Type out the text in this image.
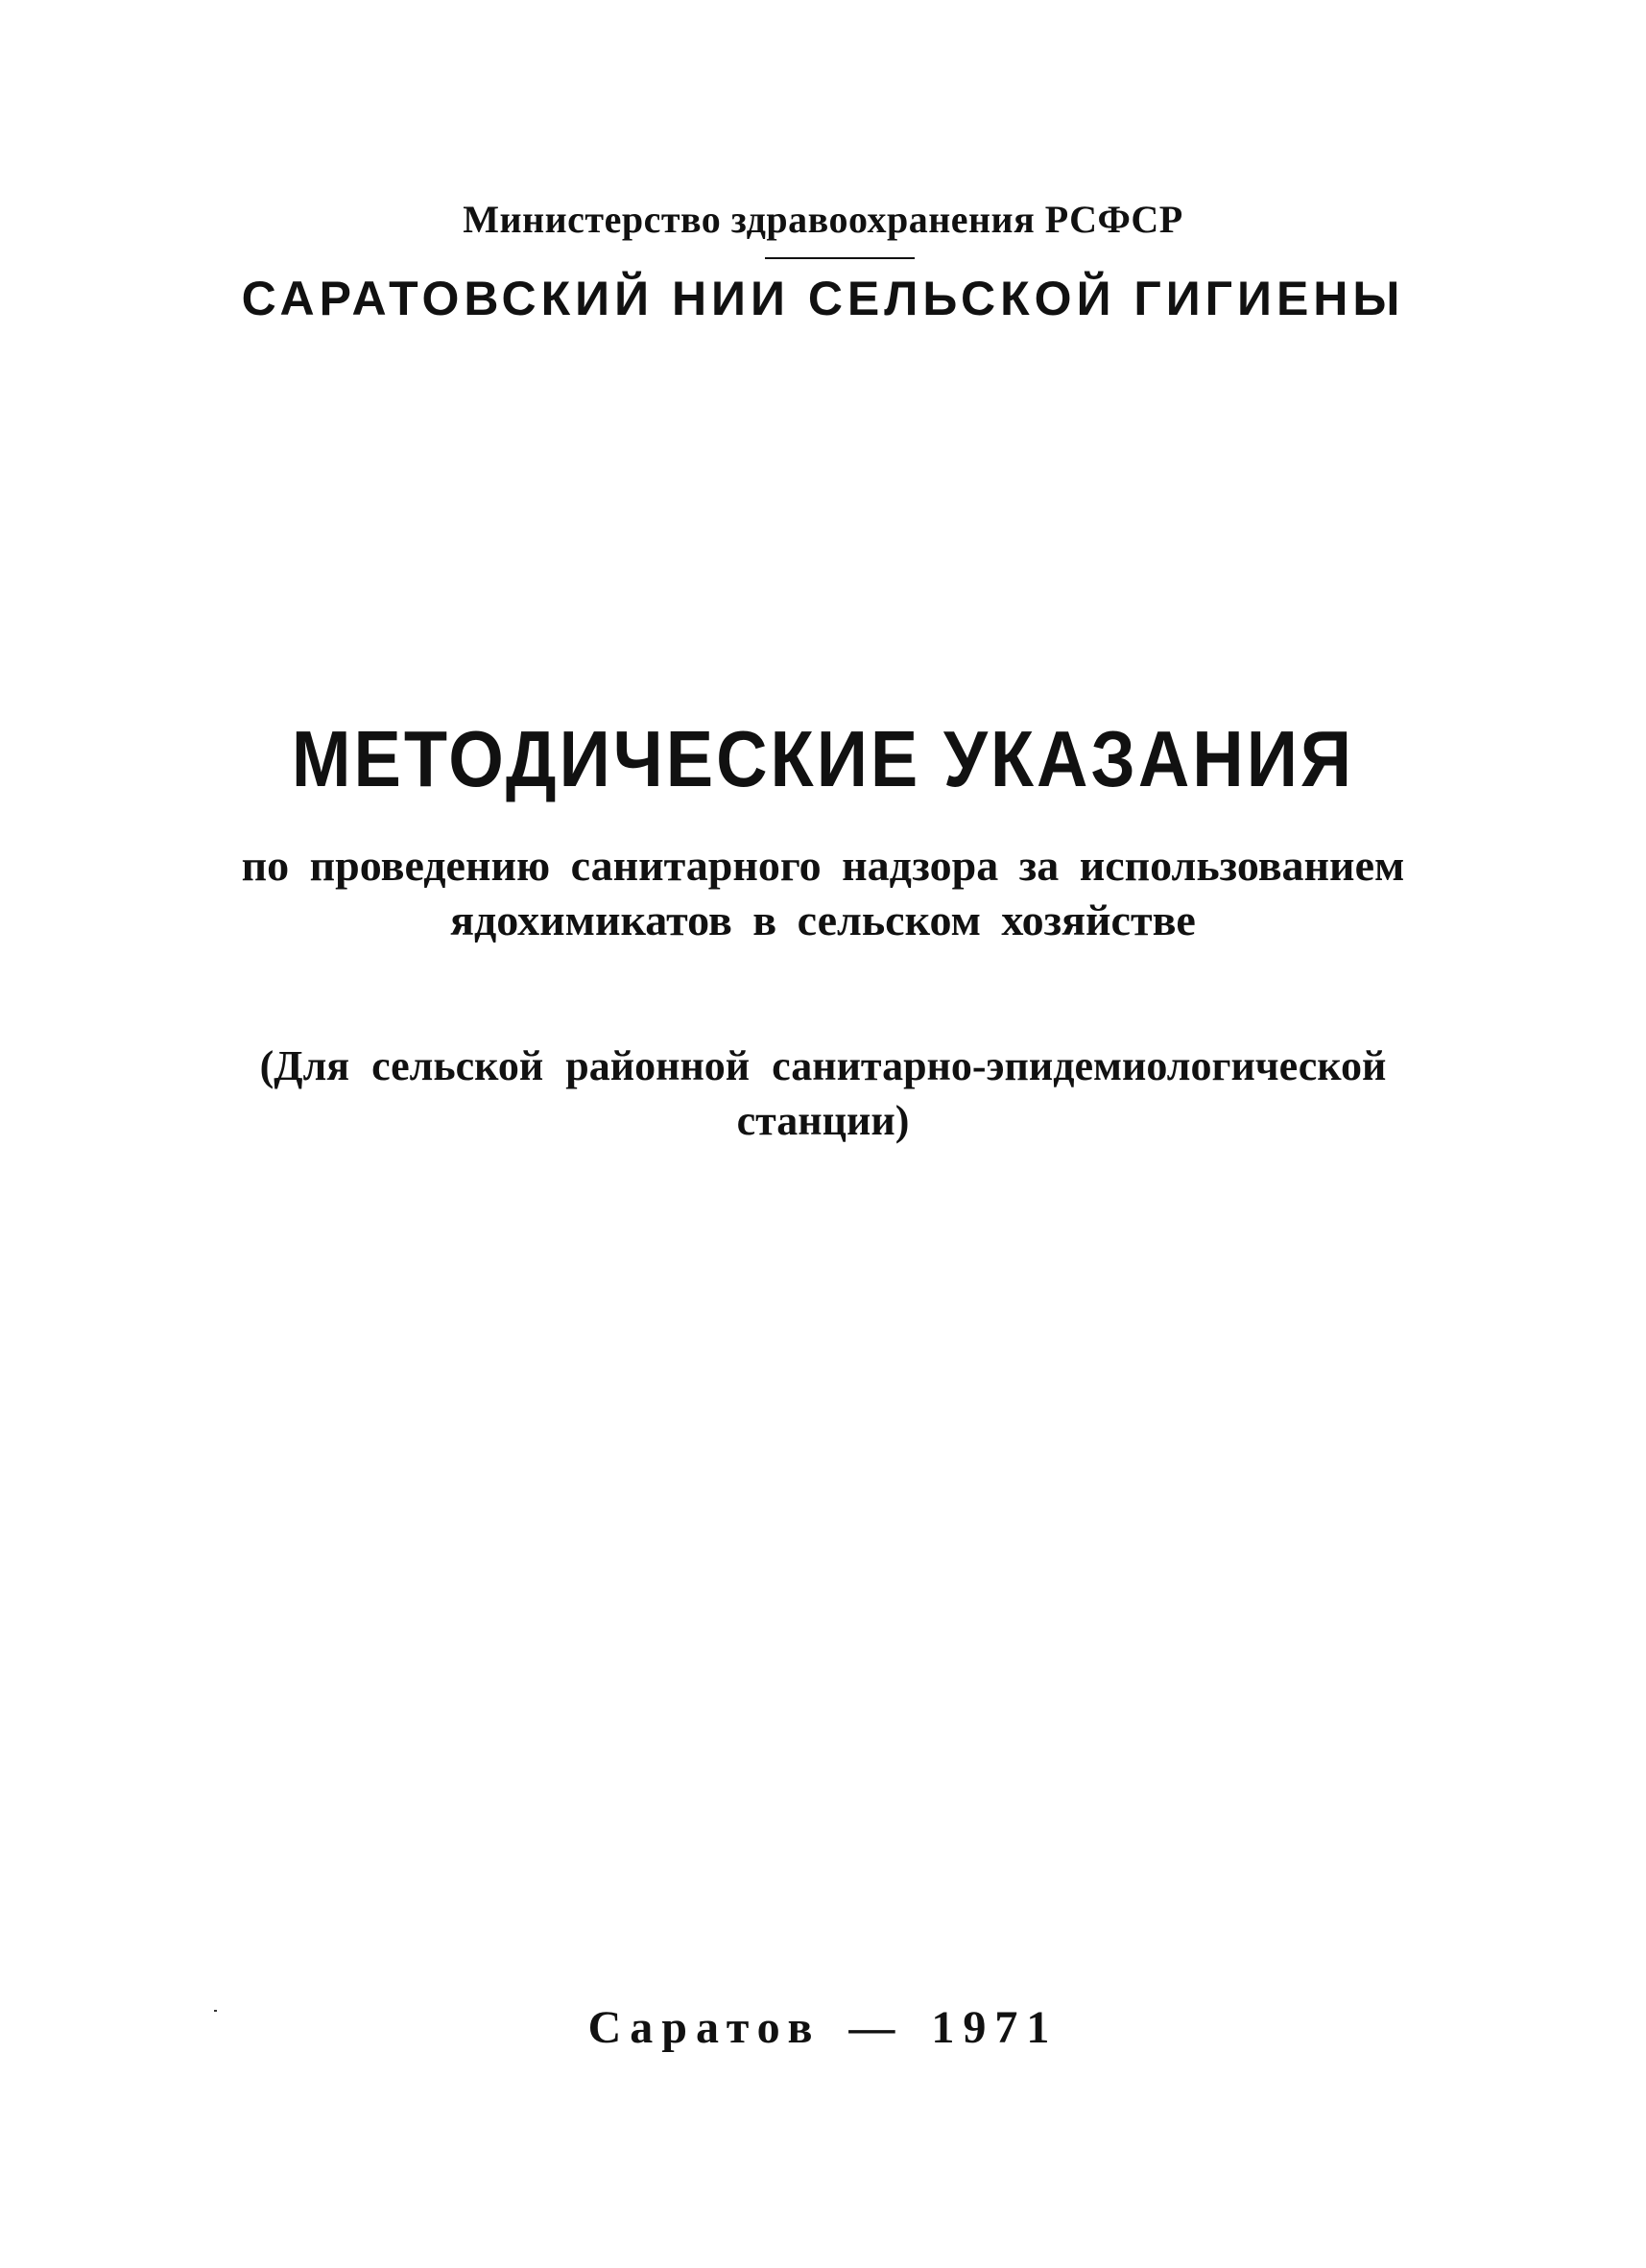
Министерство здравоохранения РСФСР
САРАТОВСКИЙ НИИ СЕЛЬСКОЙ ГИГИЕНЫ
МЕТОДИЧЕСКИЕ УКАЗАНИЯ
по проведению санитарного надзора за использованием
ядохимикатов в сельском хозяйстве
(Для сельской районной санитарно-эпидемиологической
станции)
Саратов — 1971
